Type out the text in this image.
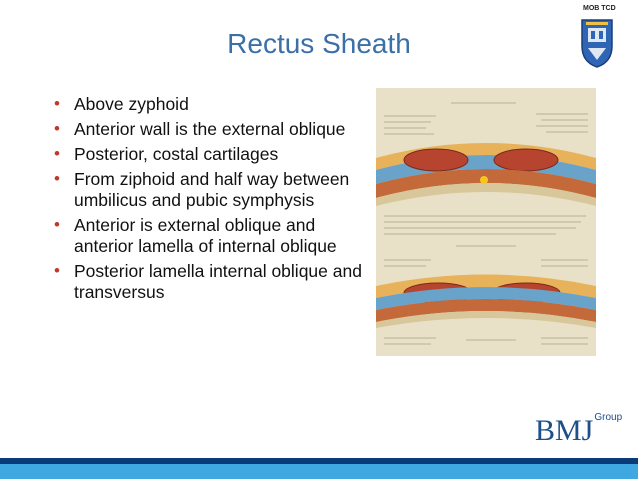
MOB TCD
Rectus Sheath
• Above zyphoid
• Anterior wall is the external oblique
• Posterior, costal cartilages
• From ziphoid and half way between umbilicus and pubic symphysis
• Anterior is external oblique and anterior lamella of internal oblique
• Posterior lamella internal oblique and transversus
$BMJ^{Group}$
